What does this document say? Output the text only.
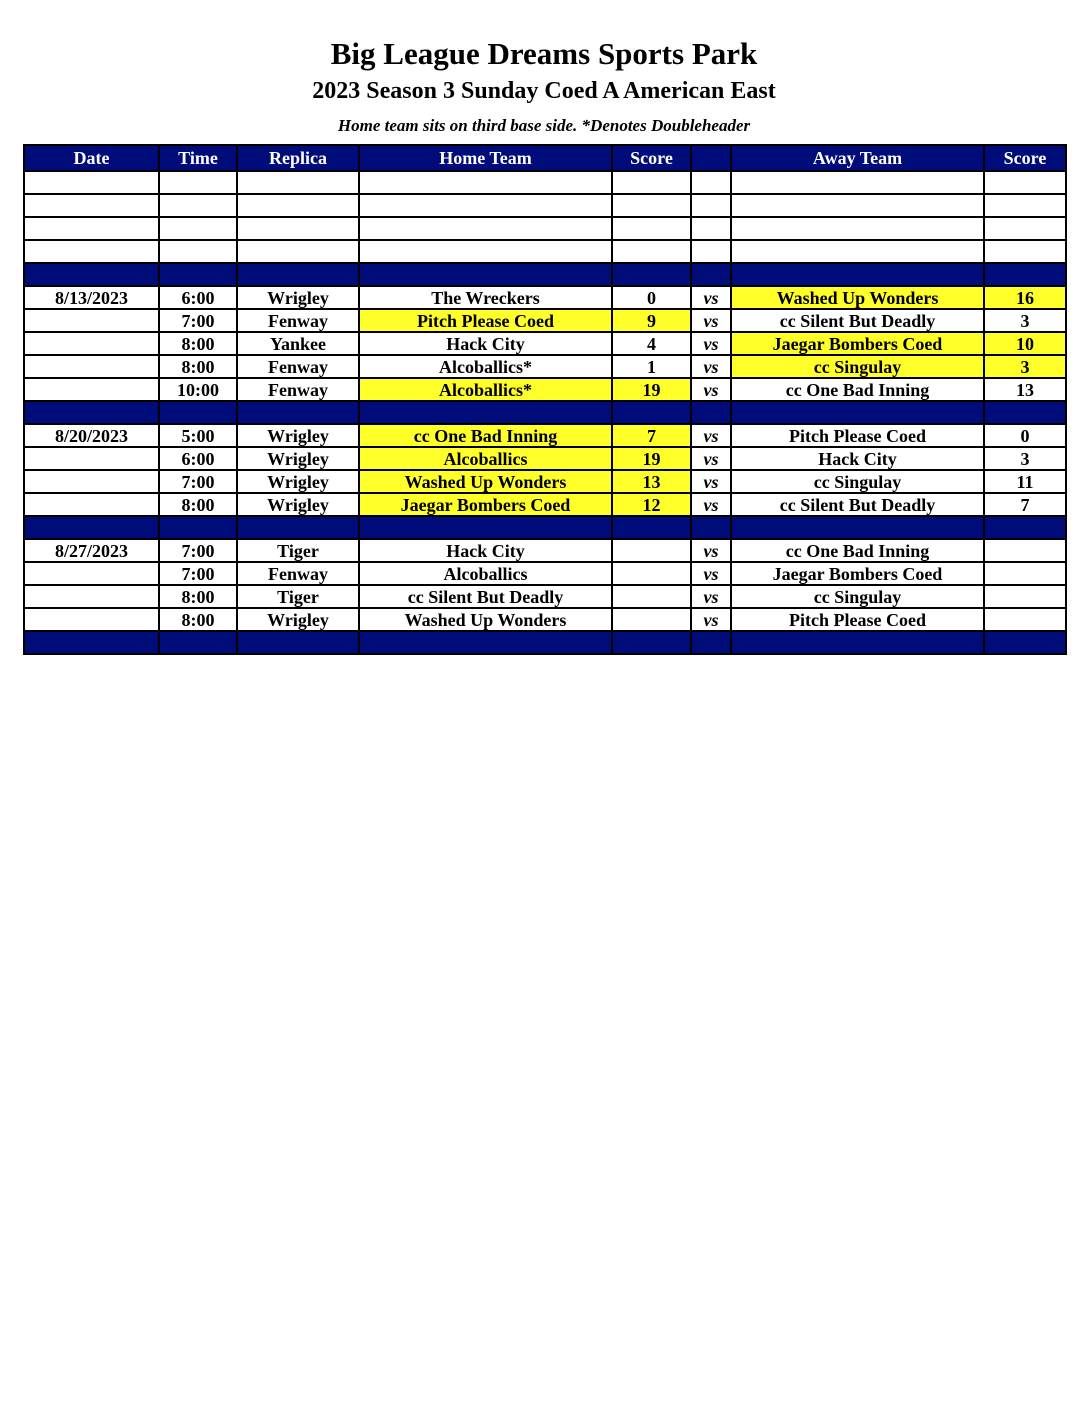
Big League Dreams Sports Park
2023 Season 3 Sunday Coed A American East
Home team sits on third base side. *Denotes Doubleheader
Date	Time	Replica	Home Team	Score		Away Team	Score

8/13/2023	6:00	Wrigley	The Wreckers	0	vs	Washed Up Wonders	16
	7:00	Fenway	Pitch Please Coed	9	vs	cc Silent But Deadly	3
	8:00	Yankee	Hack City	4	vs	Jaegar Bombers Coed	10
	8:00	Fenway	Alcoballics*	1	vs	cc Singulay	3
	10:00	Fenway	Alcoballics*	19	vs	cc One Bad Inning	13

8/20/2023	5:00	Wrigley	cc One Bad Inning	7	vs	Pitch Please Coed	0
	6:00	Wrigley	Alcoballics	19	vs	Hack City	3
	7:00	Wrigley	Washed Up Wonders	13	vs	cc Singulay	11
	8:00	Wrigley	Jaegar Bombers Coed	12	vs	cc Silent But Deadly	7

8/27/2023	7:00	Tiger	Hack City		vs	cc One Bad Inning	
	7:00	Fenway	Alcoballics		vs	Jaegar Bombers Coed	
	8:00	Tiger	cc Silent But Deadly		vs	cc Singulay	
	8:00	Wrigley	Washed Up Wonders		vs	Pitch Please Coed	
